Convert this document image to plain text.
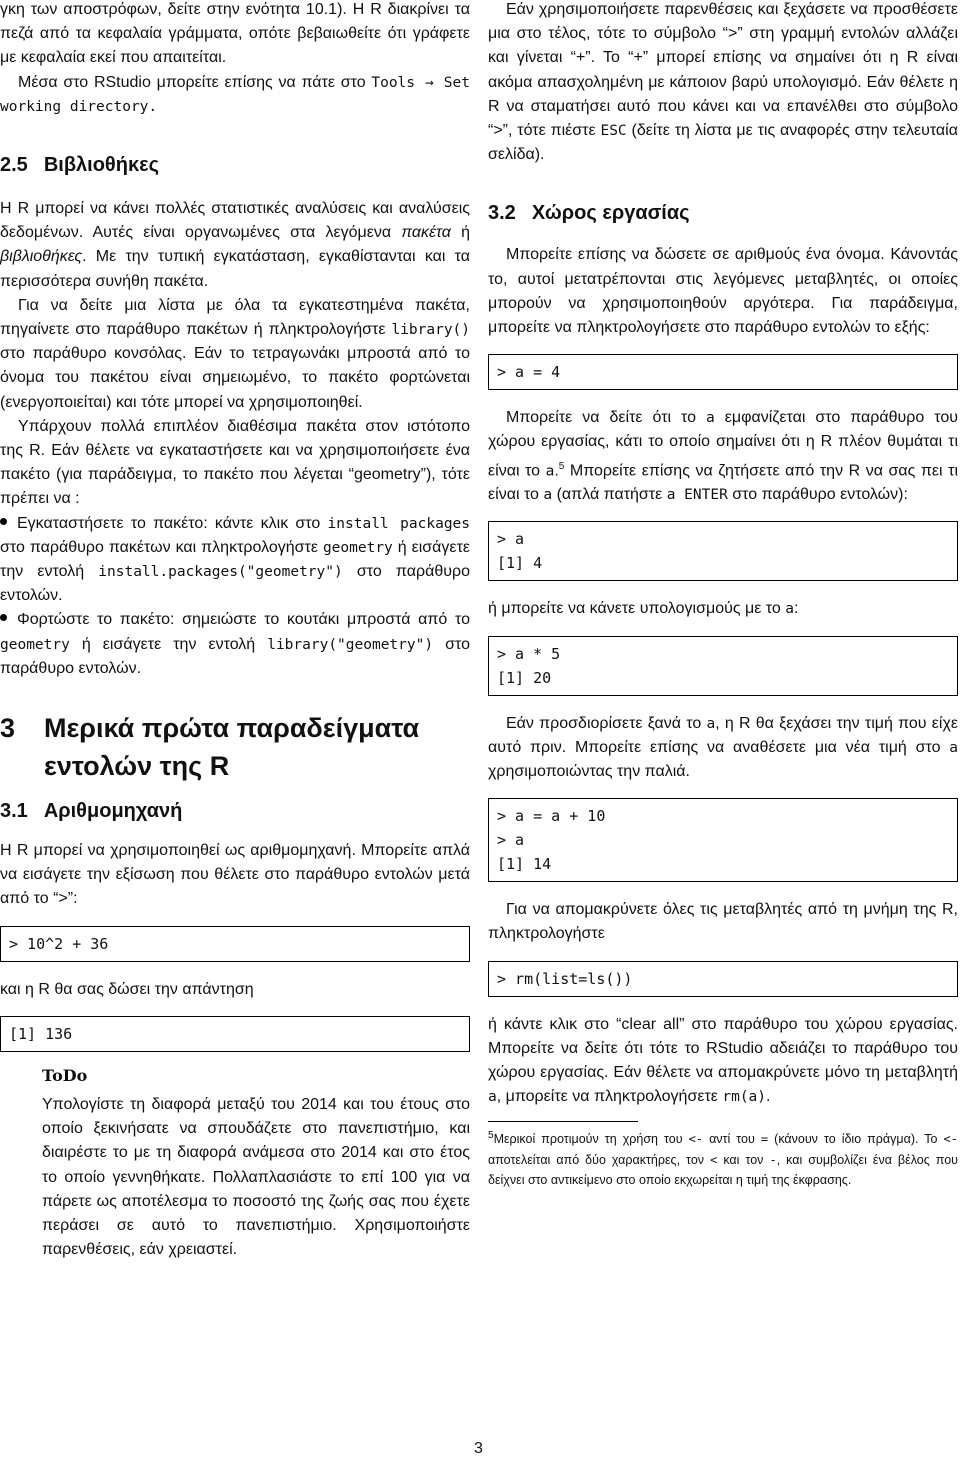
γκη των αποστρόφων, δείτε στην ενότητα 10.1). Η R διακρίνει τα πεζά από τα κεφαλαία γράμματα, οπότε βεβαιωθείτε ότι γράφετε με κεφαλαία εκεί που απαιτείται.

Μέσα στο RStudio μπορείτε επίσης να πάτε στο Tools → Set working directory.

2.5 Βιβλιοθήκες

Η R μπορεί να κάνει πολλές στατιστικές αναλύσεις και αναλύσεις δεδομένων. Αυτές είναι οργανωμένες στα λεγόμενα πακέτα ή βιβλιοθήκες. Με την τυπική εγκατάσταση, εγκαθίστανται και τα περισσότερα συνήθη πακέτα.

Για να δείτε μια λίστα με όλα τα εγκατεστημένα πακέτα, πηγαίνετε στο παράθυρο πακέτων ή πληκτρολογήστε library() στο παράθυρο κονσόλας. Εάν το τετραγωνάκι μπροστά από το όνομα του πακέτου είναι σημειωμένο, το πακέτο φορτώνεται (ενεργοποιείται) και τότε μπορεί να χρησιμοποιηθεί.

Υπάρχουν πολλά επιπλέον διαθέσιμα πακέτα στον ιστότοπο της R. Εάν θέλετε να εγκαταστήσετε και να χρησιμοποιήσετε ένα πακέτο (για παράδειγμα, το πακέτο που λέγεται “geometry”), τότε πρέπει να :

Εγκαταστήσετε το πακέτο: κάντε κλικ στο install packages στο παράθυρο πακέτων και πληκτρολογήστε geometry ή εισάγετε την εντολή install.packages("geometry") στο παράθυρο εντολών.

Φορτώστε το πακέτο: σημειώστε το κουτάκι μπροστά από το geometry ή εισάγετε την εντολή library("geometry") στο παράθυρο εντολών.

3	Μερικά πρώτα παραδείγματα εντολών της R
3.1 Αριθμομηχανή

Η R μπορεί να χρησιμοποιηθεί ως αριθμομηχανή. Μπορείτε απλά να εισάγετε την εξίσωση που θέλετε στο παράθυρο εντολών μετά από το “>”:

> 10^2 + 36

και η R θα σας δώσει την απάντηση

[1] 136

ToDo

Υπολογίστε τη διαφορά μεταξύ του 2014 και του έτους στο οποίο ξεκινήσατε να σπουδάζετε στο πανεπιστήμιο, και διαιρέστε το με τη διαφορά ανάμεσα στο 2014 και στο έτος το οποίο γεννηθήκατε. Πολλαπλασιάστε το επί 100 για να πάρετε ως αποτέλεσμα το ποσοστό της ζωής σας που έχετε περάσει σε αυτό το πανεπιστήμιο. Χρησιμοποιήστε παρενθέσεις, εάν χρειαστεί.

Εάν χρησιμοποιήσετε παρενθέσεις και ξεχάσετε να προσθέσετε μια στο τέλος, τότε το σύμβολο “>” στη γραμμή εντολών αλλάζει και γίνεται “+”. Το “+” μπορεί επίσης να σημαίνει ότι η R είναι ακόμα απασχολημένη με κάποιον βαρύ υπολογισμό. Εάν θέλετε η R να σταματήσει αυτό που κάνει και να επανέλθει στο σύμβολο “>”, τότε πιέστε ESC (δείτε τη λίστα με τις αναφορές στην τελευταία σελίδα).

3.2 Χώρος εργασίας

Μπορείτε επίσης να δώσετε σε αριθμούς ένα όνομα. Κάνοντάς το, αυτοί μετατρέπονται στις λεγόμενες μεταβλητές, οι οποίες μπορούν να χρησιμοποιηθούν αργότερα. Για παράδειγμα, μπορείτε να πληκτρολογήσετε στο παράθυρο εντολών το εξής:

> a = 4

Μπορείτε να δείτε ότι το a εμφανίζεται στο παράθυρο του χώρου εργασίας, κάτι το οποίο σημαίνει ότι η R πλέον θυμάται τι είναι το a.$^5$ Μπορείτε επίσης να ζητήσετε από την R να σας πει τι είναι το a (απλά πατήστε a ENTER στο παράθυρο εντολών):

> a
[1] 4

ή μπορείτε να κάνετε υπολογισμούς με το a:

> a * 5
[1] 20

Εάν προσδιορίσετε ξανά το a, η R θα ξεχάσει την τιμή που είχε αυτό πριν. Μπορείτε επίσης να αναθέσετε μια νέα τιμή στο a χρησιμοποιώντας την παλιά.

> a = a + 10
> a
[1] 14

Για να απομακρύνετε όλες τις μεταβλητές από τη μνήμη της R, πληκτρολογήστε

> rm(list=ls())

ή κάντε κλικ στο “clear all” στο παράθυρο του χώρου εργασίας. Μπορείτε να δείτε ότι τότε το RStudio αδειάζει το παράθυρο του χώρου εργασίας. Εάν θέλετε να απομακρύνετε μόνο τη μεταβλητή a, μπορείτε να πληκτρολογήσετε rm(a).

$^5$Μερικοί προτιμούν τη χρήση του <- αντί του = (κάνουν το ίδιο πράγμα). Το <- αποτελείται από δύο χαρακτήρες, τον < και τον -, και συμβολίζει ένα βέλος που δείχνει στο αντικείμενο στο οποίο εκχωρείται η τιμή της έκφρασης.

3
